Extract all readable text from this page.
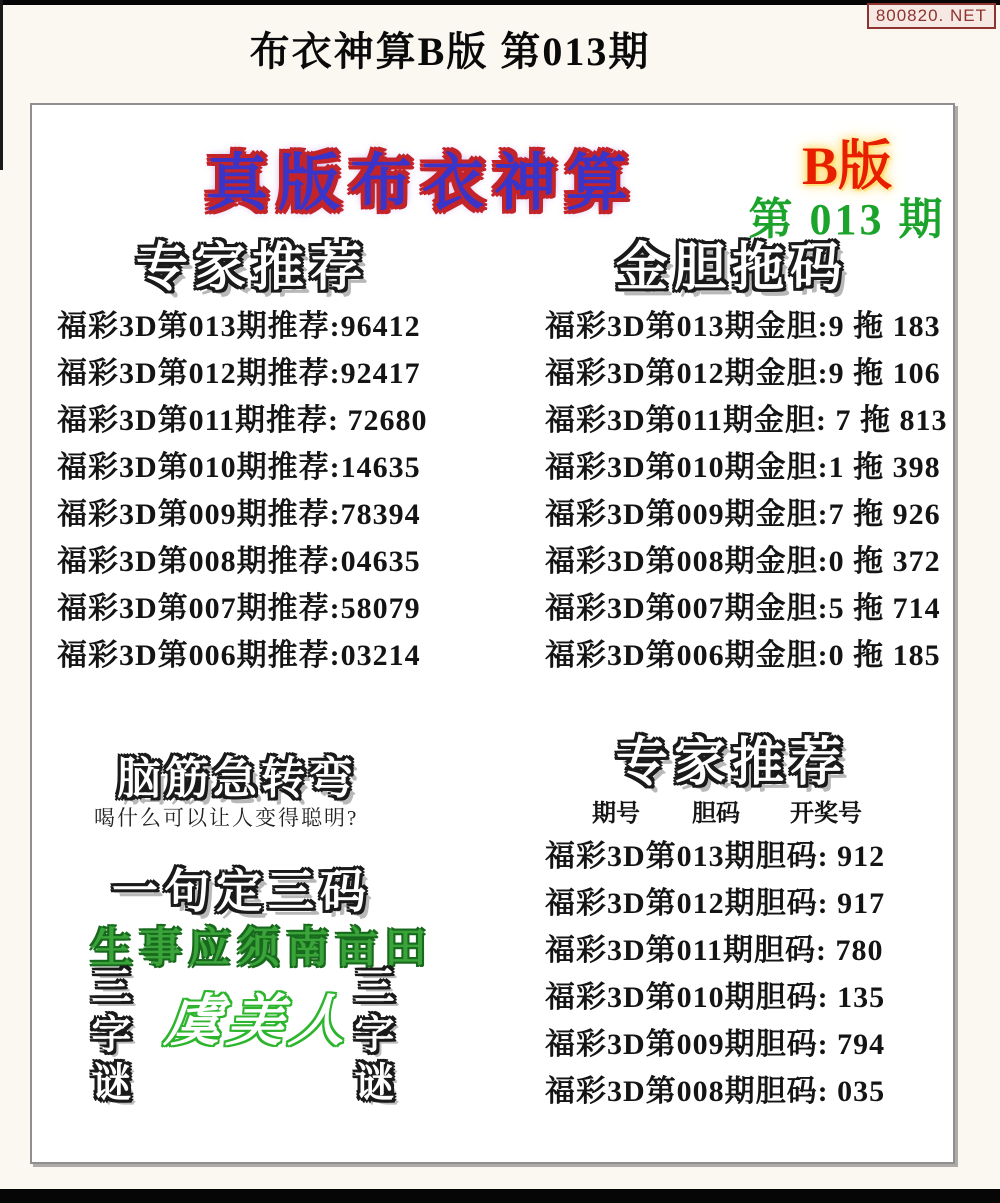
800820. NET
布衣神算B版 第013期
真版布衣神算	B版
第 013 期
专家推荐	金胆拖码
福彩3D第013期推荐:96412
福彩3D第012期推荐:92417
福彩3D第011期推荐: 72680
福彩3D第010期推荐:14635
福彩3D第009期推荐:78394
福彩3D第008期推荐:04635
福彩3D第007期推荐:58079
福彩3D第006期推荐:03214
福彩3D第013期金胆:9 拖 183
福彩3D第012期金胆:9 拖 106
福彩3D第011期金胆: 7 拖 813
福彩3D第010期金胆:1 拖 398
福彩3D第009期金胆:7 拖 926
福彩3D第008期金胆:0 拖 372
福彩3D第007期金胆:5 拖 714
福彩3D第006期金胆:0 拖 185
脑筋急转弯
喝什么可以让人变得聪明?
一句定三码
生事应须南亩田
三字谜 虞美人
三字谜
专家推荐
期号 胆码 开奖号
福彩3D第013期胆码: 912
福彩3D第012期胆码: 917
福彩3D第011期胆码: 780
福彩3D第010期胆码: 135
福彩3D第009期胆码: 794
福彩3D第008期胆码: 035
